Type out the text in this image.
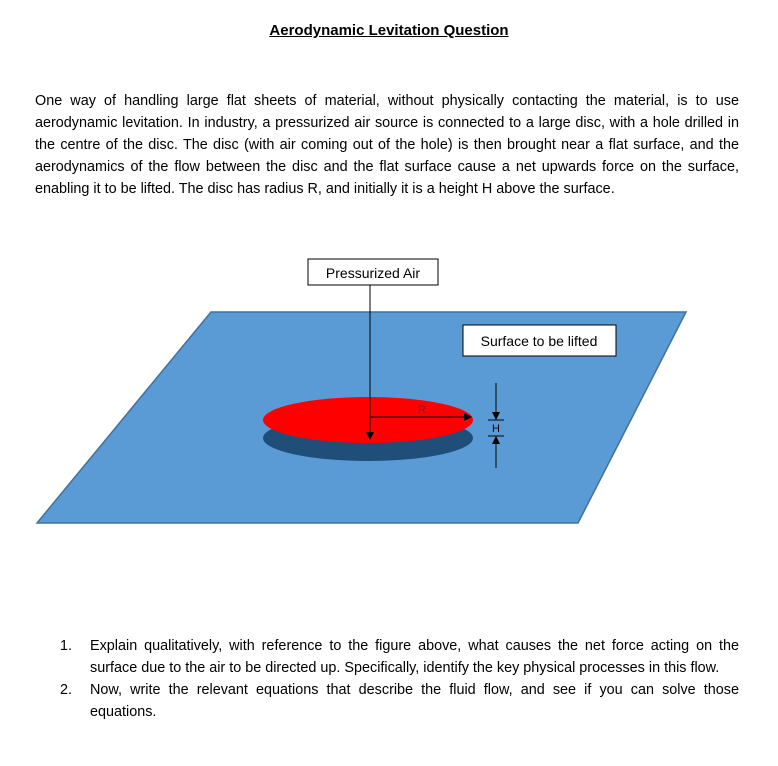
Aerodynamic Levitation Question

One way of handling large flat sheets of material, without physically contacting the material, is to use aerodynamic levitation. In industry, a pressurized air source is connected to a large disc, with a hole drilled in the centre of the disc. The disc (with air coming out of the hole) is then brought near a flat surface, and the aerodynamics of the flow between the disc and the flat surface cause a net upwards force on the surface, enabling it to be lifted. The disc has radius R, and initially it is a height H above the surface.

Pressurized Air
R
Surface to be lifted
H
1. Explain qualitatively, with reference to the figure above, what causes the net force acting on the surface due to the air to be directed up. Specifically, identify the key physical processes in this flow.
2. Now, write the relevant equations that describe the fluid flow, and see if you can solve those equations.
